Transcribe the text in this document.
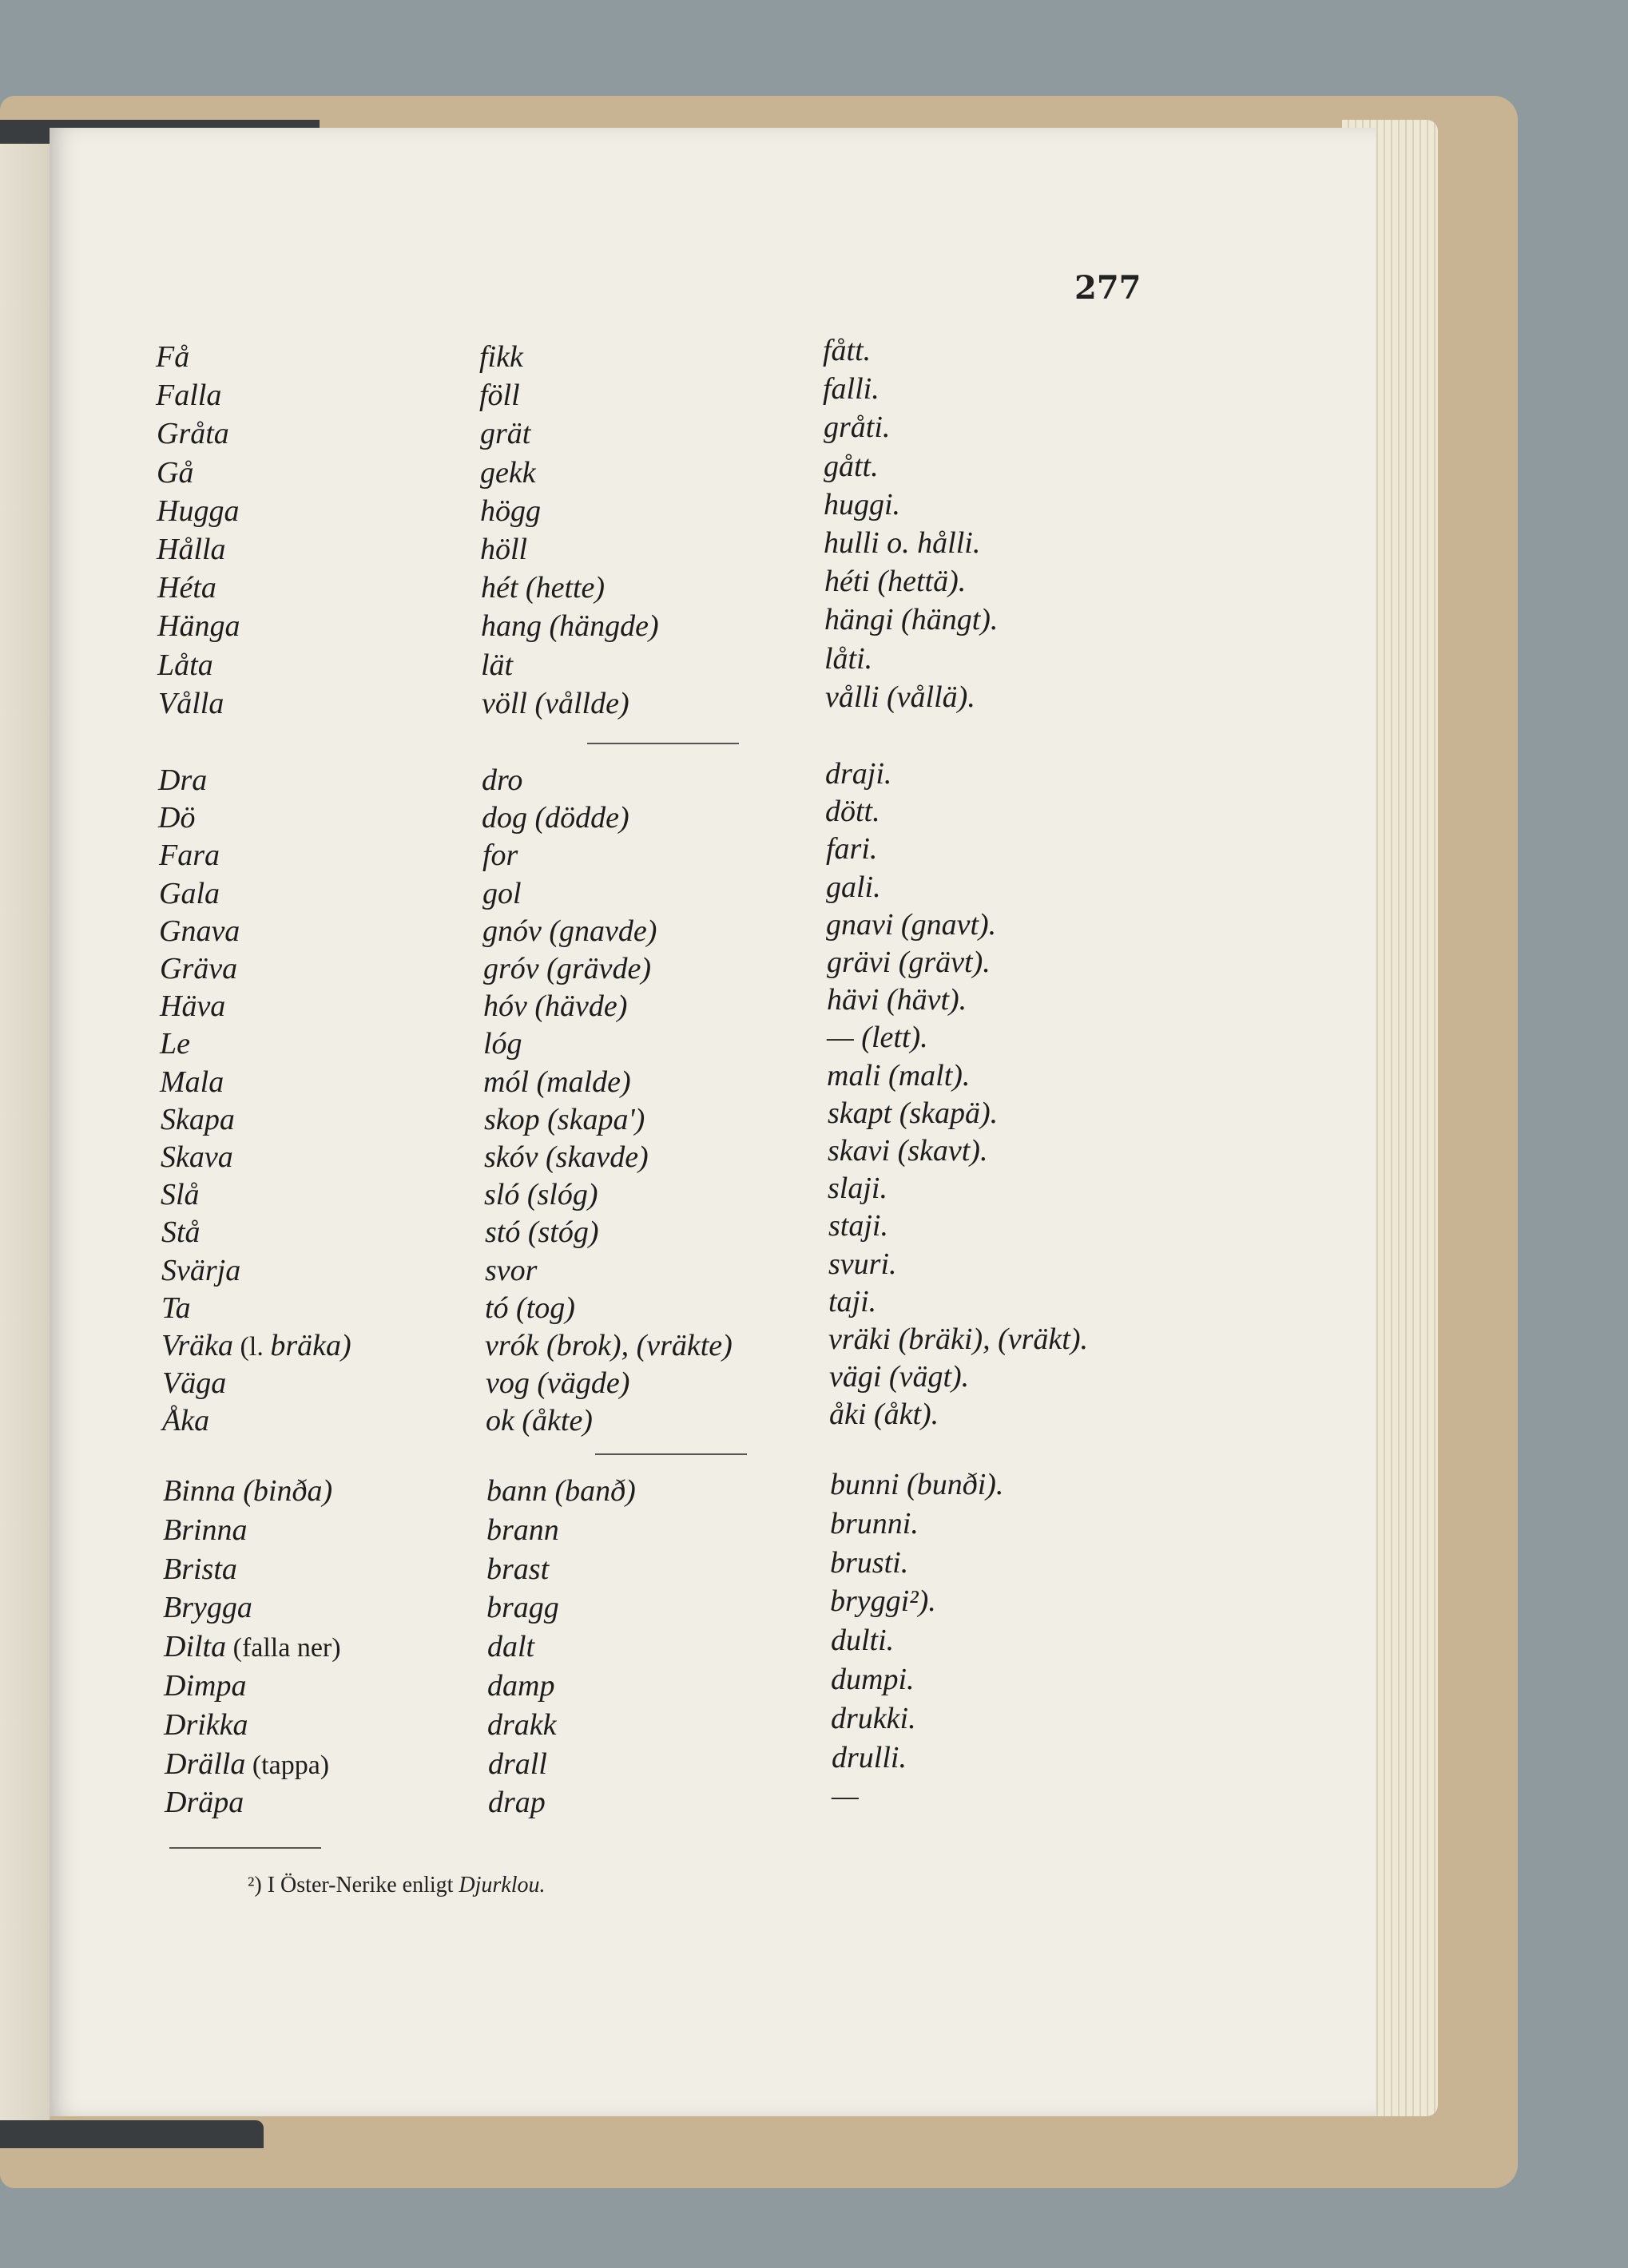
277
Få	fikk	fått.
Falla	föll	falli.
Gråta	grät	gråti.
Gå	gekk	gått.
Hugga	högg	huggi.
Hålla	höll	hulli o. hålli.
Héta	hét (hette)	héti (hettä).
Hänga	hang (hängde)	hängi (hängt).
Låta	lät	låti.
Vålla	völl (vållde)	vålli (vållä).
Dra	dro	draji.
Dö	dog (dödde)	dött.
Fara	for	fari.
Gala	gol	gali.
Gnava	gnóv (gnavde)	gnavi (gnavt).
Gräva	gróv (grävde)	grävi (grävt).
Häva	hóv (hävde)	hävi (hävt).
Le	lóg	— (lett).
Mala	mól (malde)	mali (malt).
Skapa	skop (skapa')	skapt (skapä).
Skava	skóv (skavde)	skavi (skavt).
Slå	sló (slóg)	slaji.
Stå	stó (stóg)	staji.
Svärja	svor	svuri.
Ta	tó (tog)	taji.
Vräka (l. bräka)	vrók (brok), (vräkte)	vräki (bräki), (vräkt).
Väga	vog (vägde)	vägi (vägt).
Åka	ok (åkte)	åki (åkt).
Binna (binða)	bann (banð)	bunni (bunði).
Brinna	brann	brunni.
Brista	brast	brusti.
Brygga	bragg	bryggi²).
Dilta (falla ner)	dalt	dulti.
Dimpa	damp	dumpi.
Drikka	drakk	drukki.
Drälla (tappa)	drall	drulli.
Dräpa	drap	—
²) I Öster-Nerike enligt Djurklou.
